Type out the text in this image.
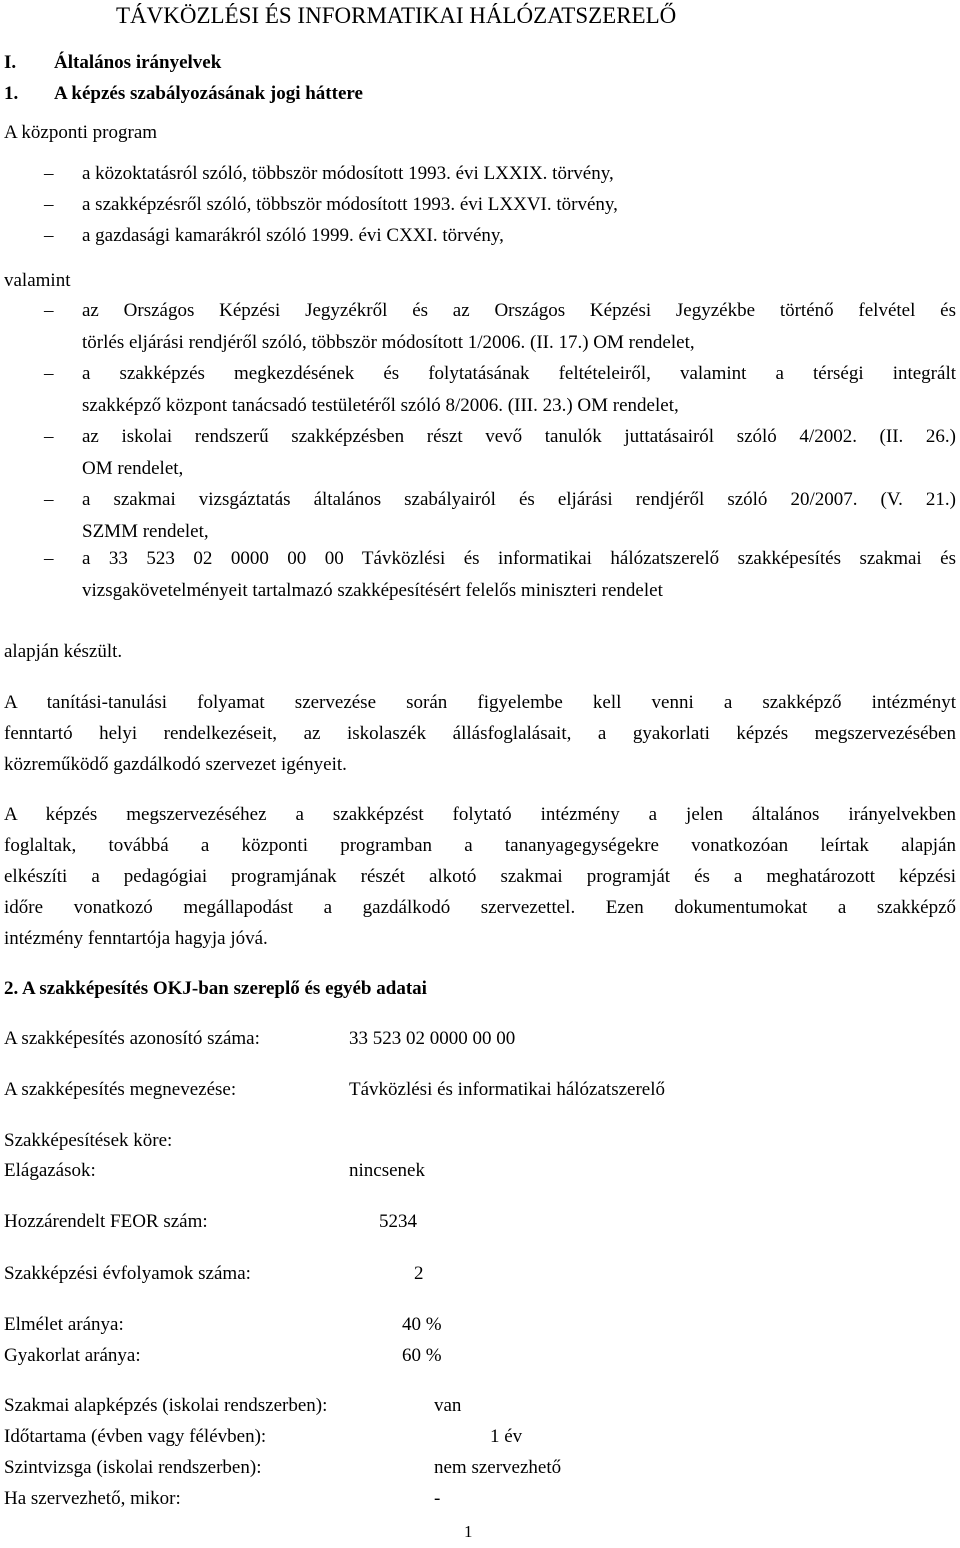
TÁVKÖZLÉSI ÉS INFORMATIKAI HÁLÓZATSZERELŐ
I. Általános irányelvek
1. A képzés szabályozásának jogi háttere
A központi program
– a közoktatásról szóló, többször módosított 1993. évi LXXIX. törvény,
– a szakképzésről szóló, többször módosított 1993. évi LXXVI. törvény,
– a gazdasági kamarákról szóló 1999. évi CXXI. törvény,
valamint
– az Országos Képzési Jegyzékről és az Országos Képzési Jegyzékbe történő felvétel és
törlés eljárási rendjéről szóló, többször módosított 1/2006. (II. 17.) OM rendelet,
– a szakképzés megkezdésének és folytatásának feltételeiről, valamint a térségi integrált
szakképző központ tanácsadó testületéről szóló 8/2006. (III. 23.) OM rendelet,
– az iskolai rendszerű szakképzésben részt vevő tanulók juttatásairól szóló 4/2002. (II. 26.)
OM rendelet,
– a szakmai vizsgáztatás általános szabályairól és eljárási rendjéről szóló 20/2007. (V. 21.)
SZMM rendelet,
– a 33 523 02 0000 00 00 Távközlési és informatikai hálózatszerelő szakképesítés szakmai és
vizsgakövetelményeit tartalmazó szakképesítésért felelős miniszteri rendelet
alapján készült.
A tanítási-tanulási folyamat szervezése során figyelembe kell venni a szakképző intézményt
fenntartó helyi rendelkezéseit, az iskolaszék állásfoglalásait, a gyakorlati képzés megszervezésében
közreműködő gazdálkodó szervezet igényeit.
A képzés megszervezéséhez a szakképzést folytató intézmény a jelen általános irányelvekben
foglaltak, továbbá a központi programban a tananyagegységekre vonatkozóan leírtak alapján
elkészíti a pedagógiai programjának részét alkotó szakmai programját és a meghatározott képzési
időre vonatkozó megállapodást a gazdálkodó szervezettel. Ezen dokumentumokat a szakképző
intézmény fenntartója hagyja jóvá.
2. A szakképesítés OKJ-ban szereplő és egyéb adatai
A szakképesítés azonosító száma:	33 523 02 0000 00 00
A szakképesítés megnevezése:	Távközlési és informatikai hálózatszerelő
Szakképesítések köre:
Elágazások:	nincsenek
Hozzárendelt FEOR szám:	5234
Szakképzési évfolyamok száma:	2
Elmélet aránya:	40 %
Gyakorlat aránya:	60 %
Szakmai alapképzés (iskolai rendszerben):	van
Időtartama (évben vagy félévben):	1 év
Szintvizsga (iskolai rendszerben):	nem szervezhető
Ha szervezhető, mikor:	-
1
